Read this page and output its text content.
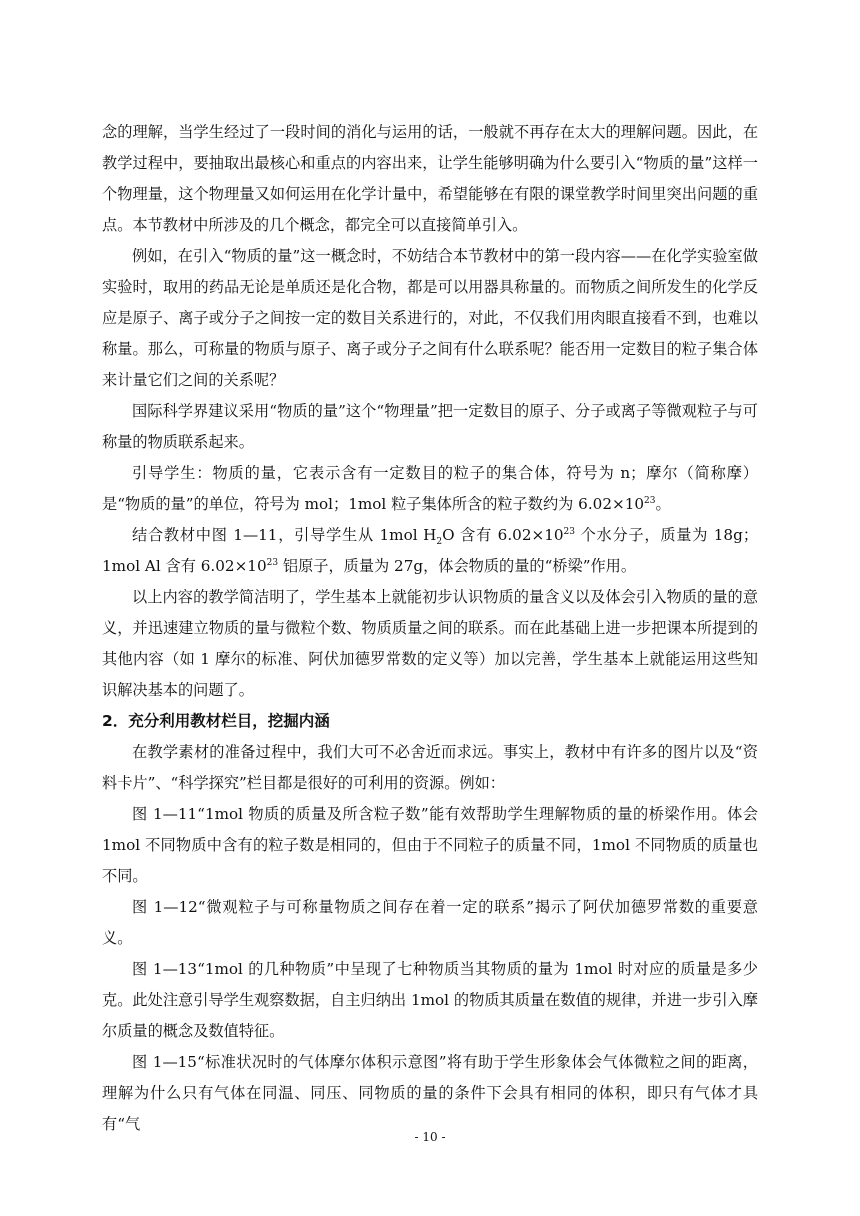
念的理解，当学生经过了一段时间的消化与运用的话，一般就不再存在太大的理解问题。因此，在教学过程中，要抽取出最核心和重点的内容出来，让学生能够明确为什么要引入“物质的量”这样一个物理量，这个物理量又如何运用在化学计量中，希望能够在有限的课堂教学时间里突出问题的重点。本节教材中所涉及的几个概念，都完全可以直接简单引入。

例如，在引入“物质的量”这一概念时，不妨结合本节教材中的第一段内容——在化学实验室做实验时，取用的药品无论是单质还是化合物，都是可以用器具称量的。而物质之间所发生的化学反应是原子、离子或分子之间按一定的数目关系进行的，对此，不仅我们用肉眼直接看不到，也难以称量。那么，可称量的物质与原子、离子或分子之间有什么联系呢？能否用一定数目的粒子集合体来计量它们之间的关系呢？

国际科学界建议采用“物质的量”这个“物理量”把一定数目的原子、分子或离子等微观粒子与可称量的物质联系起来。

引导学生：物质的量，它表示含有一定数目的粒子的集合体，符号为 n；摩尔（简称摩）是“物质的量”的单位，符号为 mol；1mol 粒子集体所含的粒子数约为 $6.02\times 10^{23}$。

结合教材中图 1—11，引导学生从 1mol $H_2O$ 含有 $6.02\times 10^{23}$ 个水分子，质量为 18g；1mol Al 含有 $6.02\times 10^{23}$ 铝原子，质量为 27g，体会物质的量的“桥梁”作用。

以上内容的教学简洁明了，学生基本上就能初步认识物质的量含义以及体会引入物质的量的意义，并迅速建立物质的量与微粒个数、物质质量之间的联系。而在此基础上进一步把课本所提到的其他内容（如 1 摩尔的标准、阿伏加德罗常数的定义等）加以完善，学生基本上就能运用这些知识解决基本的问题了。

2．充分利用教材栏目，挖掘内涵

在教学素材的准备过程中，我们大可不必舍近而求远。事实上，教材中有许多的图片以及“资料卡片”、“科学探究”栏目都是很好的可利用的资源。例如：

图 1—11“1mol 物质的质量及所含粒子数”能有效帮助学生理解物质的量的桥梁作用。体会 1mol 不同物质中含有的粒子数是相同的，但由于不同粒子的质量不同，1mol 不同物质的质量也不同。

图 1—12“微观粒子与可称量物质之间存在着一定的联系”揭示了阿伏加德罗常数的重要意义。

图 1—13“1mol 的几种物质”中呈现了七种物质当其物质的量为 1mol 时对应的质量是多少克。此处注意引导学生观察数据，自主归纳出 1mol 的物质其质量在数值的规律，并进一步引入摩尔质量的概念及数值特征。

图 1—15“标准状况时的气体摩尔体积示意图”将有助于学生形象体会气体微粒之间的距离，理解为什么只有气体在同温、同压、同物质的量的条件下会具有相同的体积，即只有气体才具有“气

- 10 -
